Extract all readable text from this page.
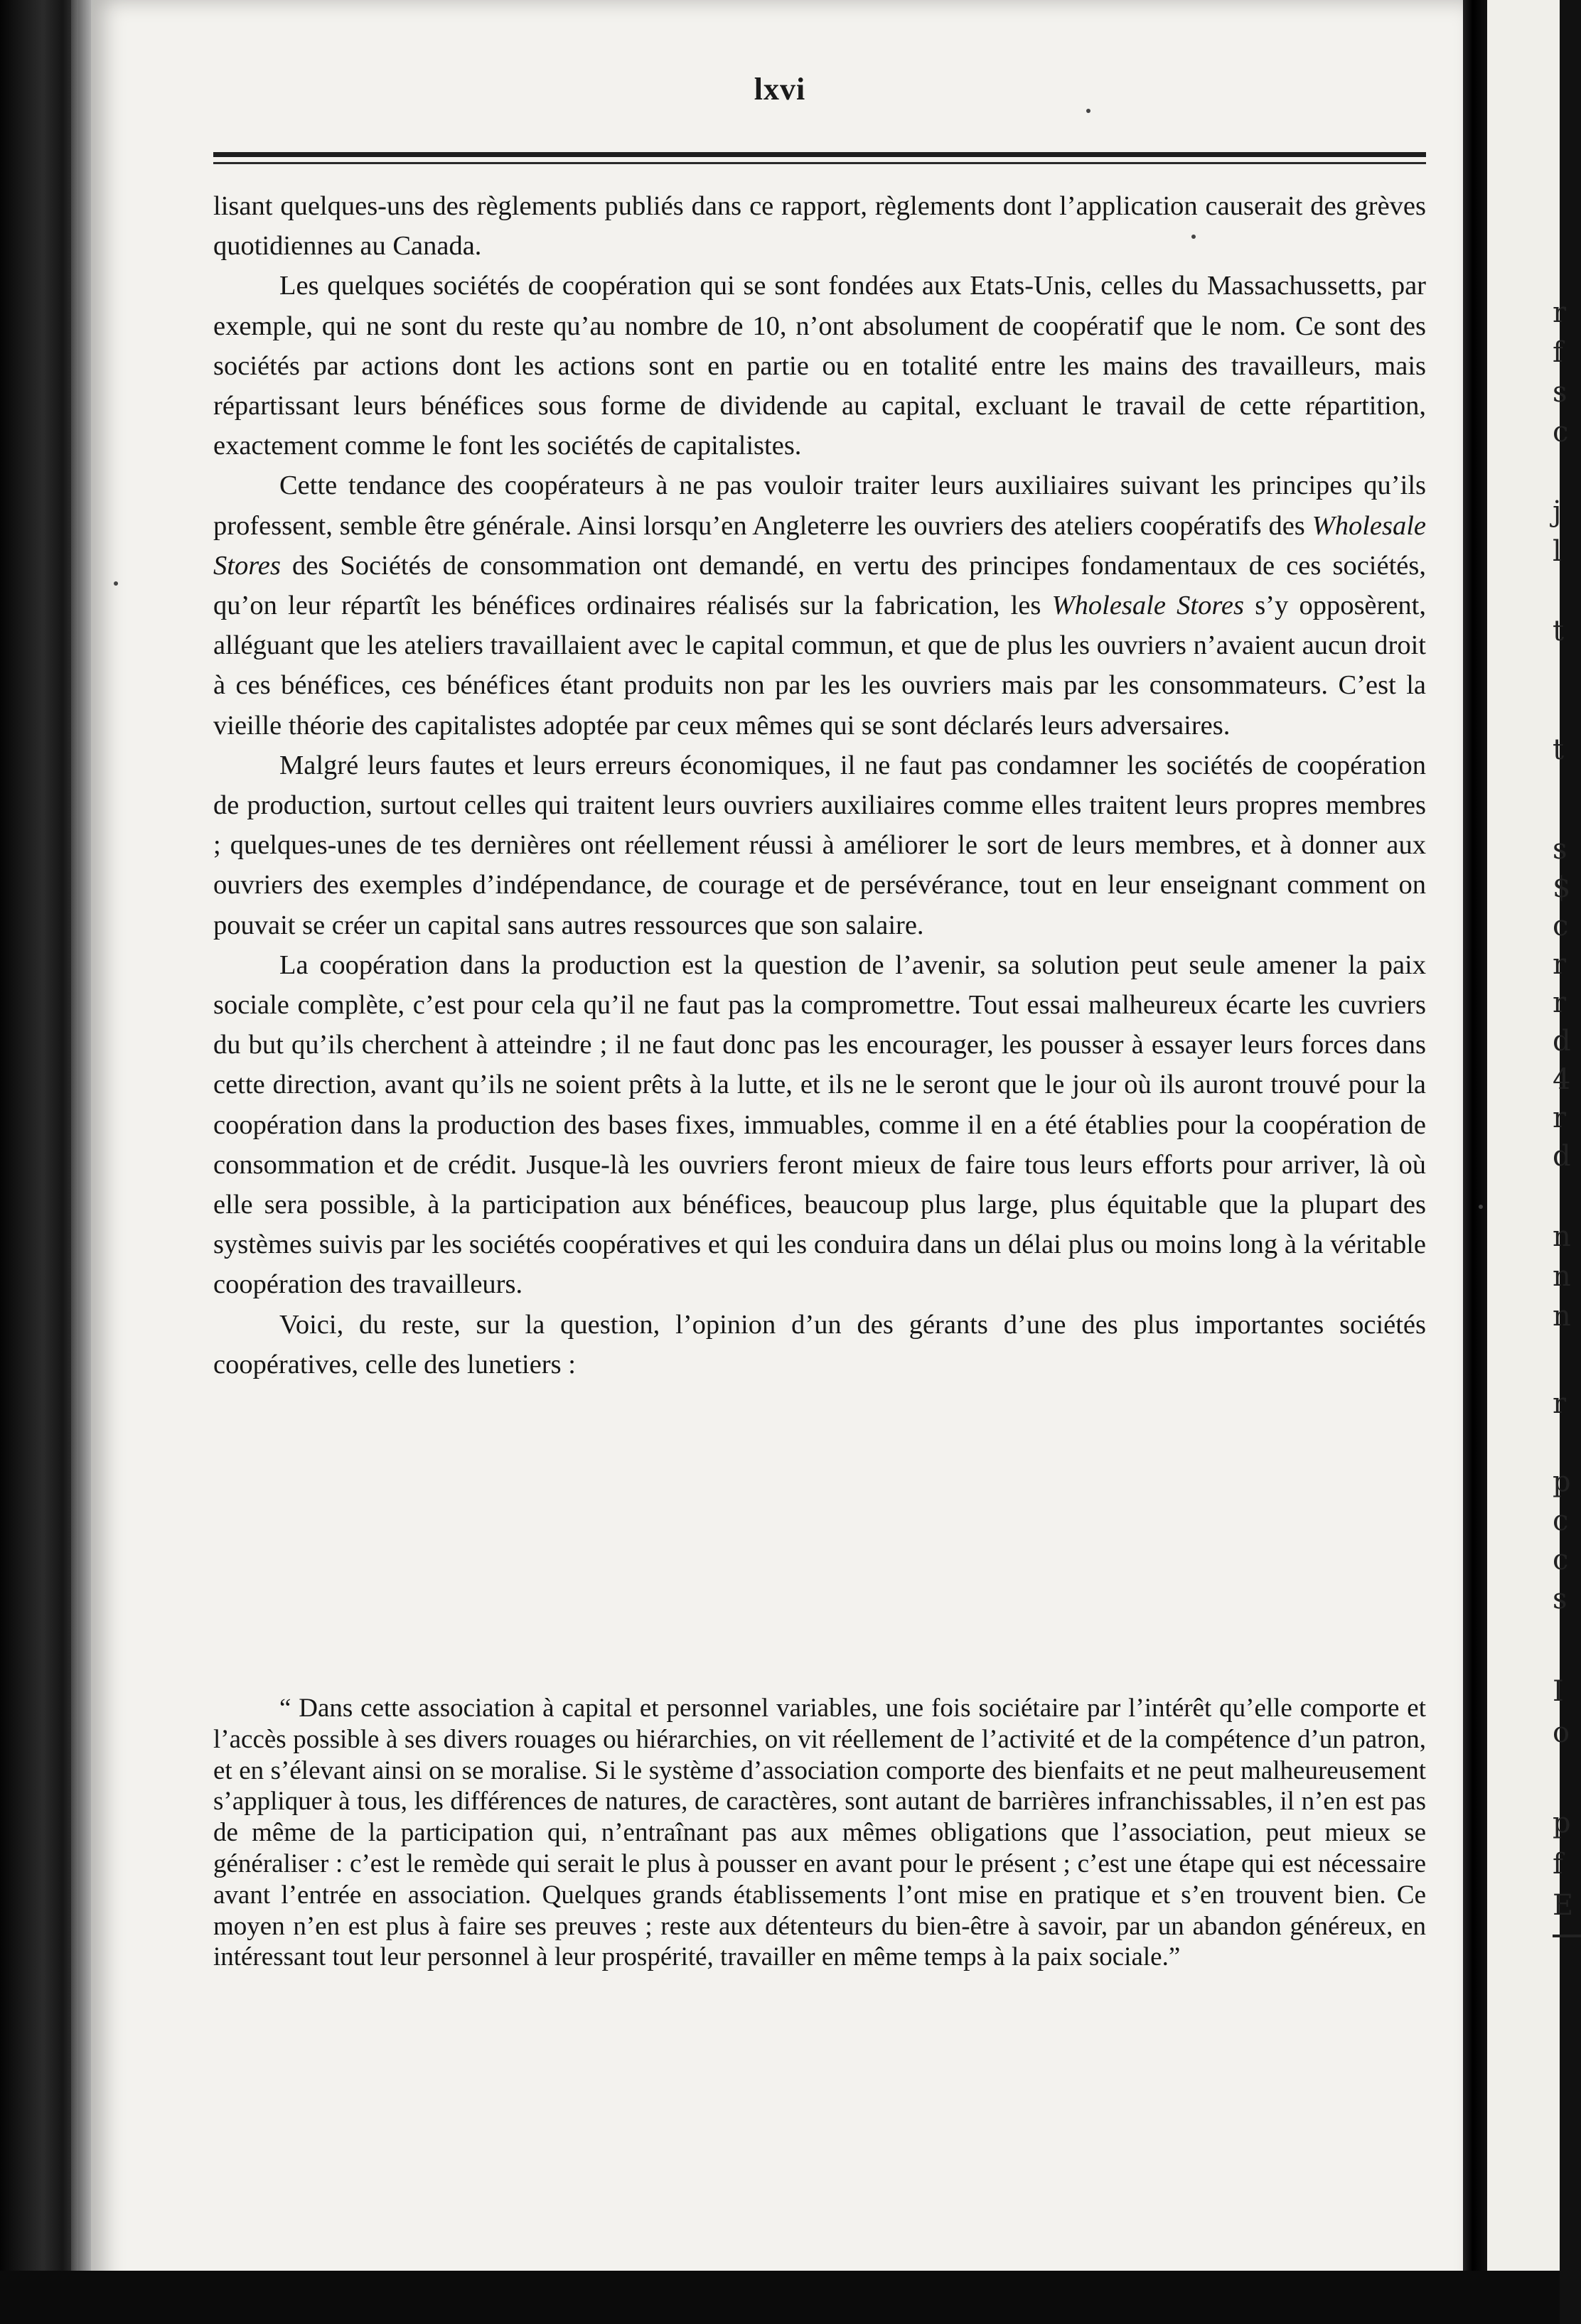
r
f
s
c
j
l
t
t
s
$
c
r
r
d
4
r
d
n
n
n
r
p
c
c
s
I
o
p
f
E
lxvi

lisant quelques-uns des règlements publiés dans ce rapport, règlements dont l’application causerait des grèves quotidiennes au Canada.

Les quelques sociétés de coopération qui se sont fondées aux Etats-Unis, celles du Massachussetts, par exemple, qui ne sont du reste qu’au nombre de 10, n’ont absolument de coopératif que le nom. Ce sont des sociétés par actions dont les actions sont en partie ou en totalité entre les mains des travailleurs, mais répartissant leurs bénéfices sous forme de dividende au capital, excluant le travail de cette répartition, exactement comme le font les sociétés de capitalistes.

Cette tendance des coopérateurs à ne pas vouloir traiter leurs auxiliaires suivant les principes qu’ils professent, semble être générale. Ainsi lorsqu’en Angleterre les ouvriers des ateliers coopératifs des Wholesale Stores des Sociétés de consommation ont demandé, en vertu des principes fondamentaux de ces sociétés, qu’on leur répartît les bénéfices ordinaires réalisés sur la fabrication, les Wholesale Stores s’y opposèrent, alléguant que les ateliers travaillaient avec le capital commun, et que de plus les ouvriers n’avaient aucun droit à ces bénéfices, ces bénéfices étant produits non par les les ouvriers mais par les consommateurs. C’est la vieille théorie des capitalistes adoptée par ceux mêmes qui se sont déclarés leurs adversaires.

Malgré leurs fautes et leurs erreurs économiques, il ne faut pas condamner les sociétés de coopération de production, surtout celles qui traitent leurs ouvriers auxiliaires comme elles traitent leurs propres membres ; quelques-unes de tes dernières ont réellement réussi à améliorer le sort de leurs membres, et à donner aux ouvriers des exemples d’indépendance, de courage et de persévérance, tout en leur enseignant comment on pouvait se créer un capital sans autres ressources que son salaire.

La coopération dans la production est la question de l’avenir, sa solution peut seule amener la paix sociale complète, c’est pour cela qu’il ne faut pas la compromettre. Tout essai malheureux écarte les cuvriers du but qu’ils cherchent à atteindre ; il ne faut donc pas les encourager, les pousser à essayer leurs forces dans cette direction, avant qu’ils ne soient prêts à la lutte, et ils ne le seront que le jour où ils auront trouvé pour la coopération dans la production des bases fixes, immuables, comme il en a été établies pour la coopération de consommation et de crédit. Jusque-là les ouvriers feront mieux de faire tous leurs efforts pour arriver, là où elle sera possible, à la participation aux bénéfices, beaucoup plus large, plus équitable que la plupart des systèmes suivis par les sociétés coopératives et qui les conduira dans un délai plus ou moins long à la véritable coopération des travailleurs.

Voici, du reste, sur la question, l’opinion d’un des gérants d’une des plus importantes sociétés coopératives, celle des lunetiers :

“ Dans cette association à capital et personnel variables, une fois sociétaire par l’intérêt qu’elle comporte et l’accès possible à ses divers rouages ou hiérarchies, on vit réellement de l’activité et de la compétence d’un patron, et en s’élevant ainsi on se moralise. Si le système d’association comporte des bienfaits et ne peut malheureusement s’appliquer à tous, les différences de natures, de caractères, sont autant de barrières infranchissables, il n’en est pas de même de la participation qui, n’entraînant pas aux mêmes obligations que l’association, peut mieux se généraliser : c’est le remède qui serait le plus à pousser en avant pour le présent ; c’est une étape qui est nécessaire avant l’entrée en association. Quelques grands établissements l’ont mise en pratique et s’en trouvent bien. Ce moyen n’en est plus à faire ses preuves ; reste aux détenteurs du bien-être à savoir, par un abandon généreux, en intéressant tout leur personnel à leur prospérité, travailler en même temps à la paix sociale.”
